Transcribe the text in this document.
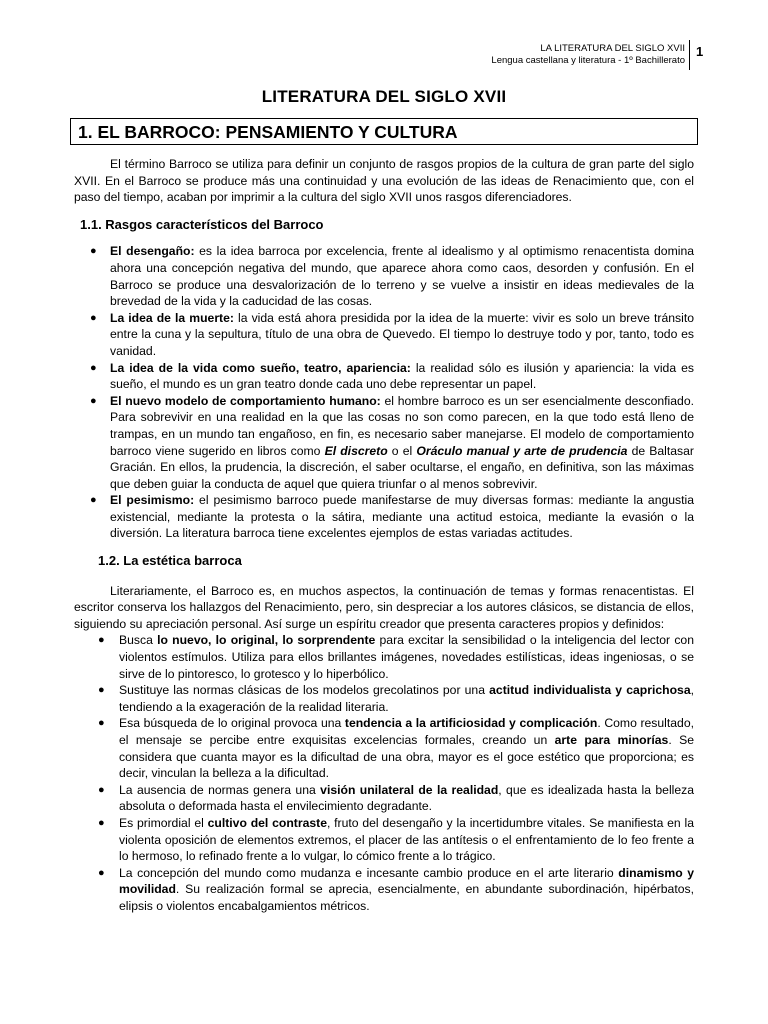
LA LITERATURA DEL SIGLO XVII
Lengua castellana y literatura - 1º Bachillerato
1
LITERATURA DEL SIGLO XVII
1. EL BARROCO: PENSAMIENTO Y CULTURA

El término Barroco se utiliza para definir un conjunto de rasgos propios de la cultura de gran parte del siglo XVII. En el Barroco se produce más una continuidad y una evolución de las ideas de Renacimiento que, con el paso del tiempo, acaban por imprimir a la cultura del siglo XVII unos rasgos diferenciadores.

1.1. Rasgos característicos del Barroco

● El desengaño: es la idea barroca por excelencia, frente al idealismo y al optimismo renacentista domina ahora una concepción negativa del mundo, que aparece ahora como caos, desorden y confusión. En el Barroco se produce una desvalorización de lo terreno y se vuelve a insistir en ideas medievales de la brevedad de la vida y la caducidad de las cosas.
● La idea de la muerte: la vida está ahora presidida por la idea de la muerte: vivir es solo un breve tránsito entre la cuna y la sepultura, título de una obra de Quevedo. El tiempo lo destruye todo y por, tanto, todo es vanidad.
● La idea de la vida como sueño, teatro, apariencia: la realidad sólo es ilusión y apariencia: la vida es sueño, el mundo es un gran teatro donde cada uno debe representar un papel.
● El nuevo modelo de comportamiento humano: el hombre barroco es un ser esencialmente desconfiado. Para sobrevivir en una realidad en la que las cosas no son como parecen, en la que todo está lleno de trampas, en un mundo tan engañoso, en fin, es necesario saber manejarse. El modelo de comportamiento barroco viene sugerido en libros como El discreto o el Oráculo manual y arte de prudencia de Baltasar Gracián. En ellos, la prudencia, la discreción, el saber ocultarse, el engaño, en definitiva, son las máximas que deben guiar la conducta de aquel que quiera triunfar o al menos sobrevivir.
● El pesimismo: el pesimismo barroco puede manifestarse de muy diversas formas: mediante la angustia existencial, mediante la protesta o la sátira, mediante una actitud estoica, mediante la evasión o la diversión. La literatura barroca tiene excelentes ejemplos de estas variadas actitudes.

1.2. La estética barroca

Literariamente, el Barroco es, en muchos aspectos, la continuación de temas y formas renacentistas. El escritor conserva los hallazgos del Renacimiento, pero, sin despreciar a los autores clásicos, se distancia de ellos, siguiendo su apreciación personal. Así surge un espíritu creador que presenta caracteres propios y definidos:

● Busca lo nuevo, lo original, lo sorprendente para excitar la sensibilidad o la inteligencia del lector con violentos estímulos. Utiliza para ellos brillantes imágenes, novedades estilísticas, ideas ingeniosas, o se sirve de lo pintoresco, lo grotesco y lo hiperbólico.
● Sustituye las normas clásicas de los modelos grecolatinos por una actitud individualista y caprichosa, tendiendo a la exageración de la realidad literaria.
● Esa búsqueda de lo original provoca una tendencia a la artificiosidad y complicación. Como resultado, el mensaje se percibe entre exquisitas excelencias formales, creando un arte para minorías. Se considera que cuanta mayor es la dificultad de una obra, mayor es el goce estético que proporciona; es decir, vinculan la belleza a la dificultad.
● La ausencia de normas genera una visión unilateral de la realidad, que es idealizada hasta la belleza absoluta o deformada hasta el envilecimiento degradante.
● Es primordial el cultivo del contraste, fruto del desengaño y la incertidumbre vitales. Se manifiesta en la violenta oposición de elementos extremos, el placer de las antítesis o el enfrentamiento de lo feo frente a lo hermoso, lo refinado frente a lo vulgar, lo cómico frente a lo trágico.
● La concepción del mundo como mudanza e incesante cambio produce en el arte literario dinamismo y movilidad. Su realización formal se aprecia, esencialmente, en abundante subordinación, hipérbatos, elipsis o violentos encabalgamientos métricos.
